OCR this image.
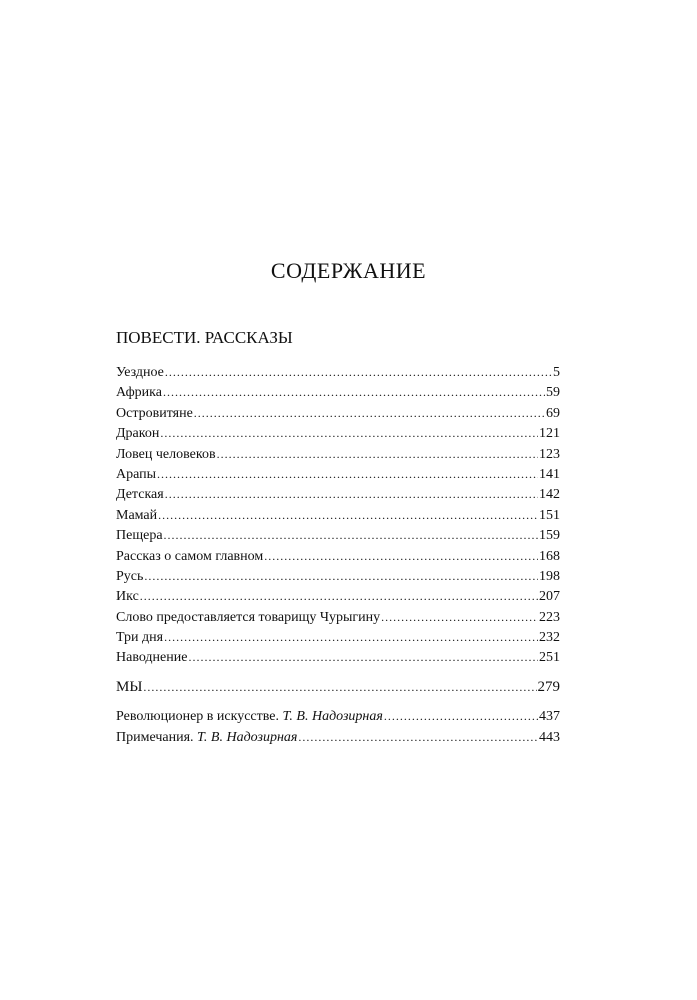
СОДЕРЖАНИЕ
ПОВЕСТИ. РАССКАЗЫ
Уездное .....	5
Африка .....	59
Островитяне .....	69
Дракон .....	121
Ловец человеков .....	123
Арапы .....	141
Детская .....	142
Мамай .....	151
Пещера .....	159
Рассказ о самом главном .....	168
Русь .....	198
Икс .....	207
Слово предоставляется товарищу Чурыгину .....	223
Три дня .....	232
Наводнение .....	251
МЫ .....	279
Революционер в искусстве. Т. В. Надозирная .....	437
Примечания. Т. В. Надозирная .....	443
